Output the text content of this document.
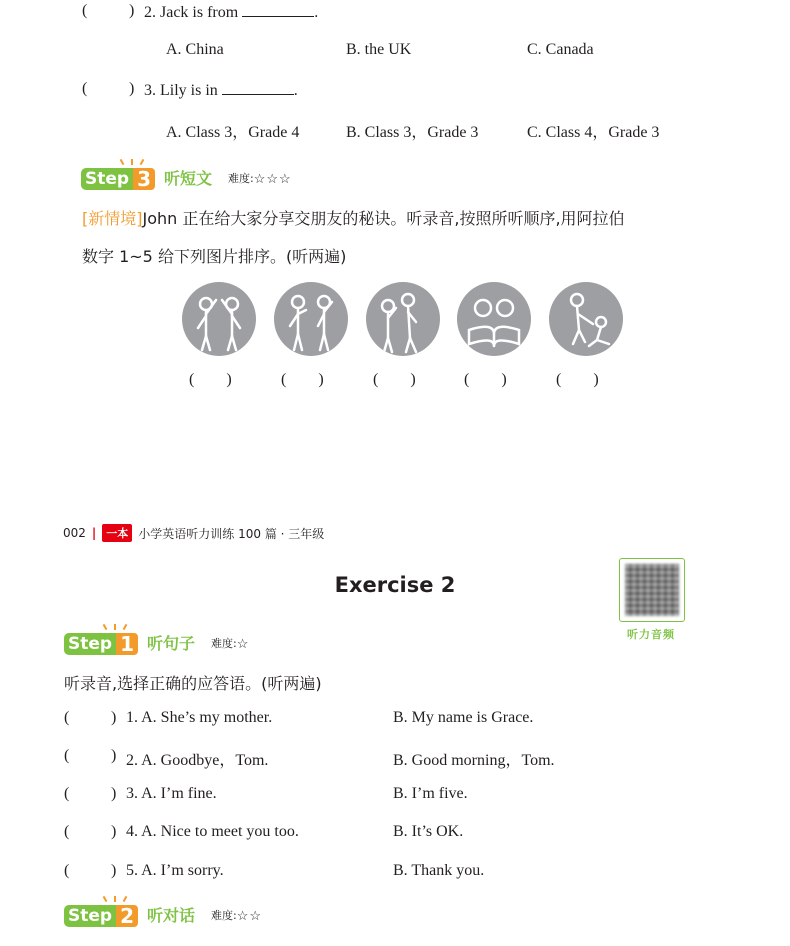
(	) 2. Jack is from	.
A. China	B. the UK	C. Canada
(	) 3. Lily is in	.
A. Class 3，Grade 4	B. Class 3，Grade 3	C. Class 4，Grade 3
Step 3 听短文 难度: ☆☆☆
[新情境]John 正在给大家分享交朋友的秘诀。听录音,按照所听顺序,用阿拉伯
数字 1~5 给下列图片排序。(听两遍)
(　　)	(　　)	(　　)	(　　)	(　　)
002 | 一本 小学英语听力训练 100 篇 · 三年级
Exercise 2
听力音频
Step 1 听句子 难度: ☆
听录音,选择正确的应答语。(听两遍)
(	) 1. A. She’s my mother.	B. My name is Grace.
(	) 2. A. Goodbye，Tom.	B. Good morning，Tom.
(	) 3. A. I’m fine.	B. I’m five.
(	) 4. A. Nice to meet you too.	B. It’s OK.
(	) 5. A. I’m sorry.	B. Thank you.
Step 2 听对话 难度: ☆☆
